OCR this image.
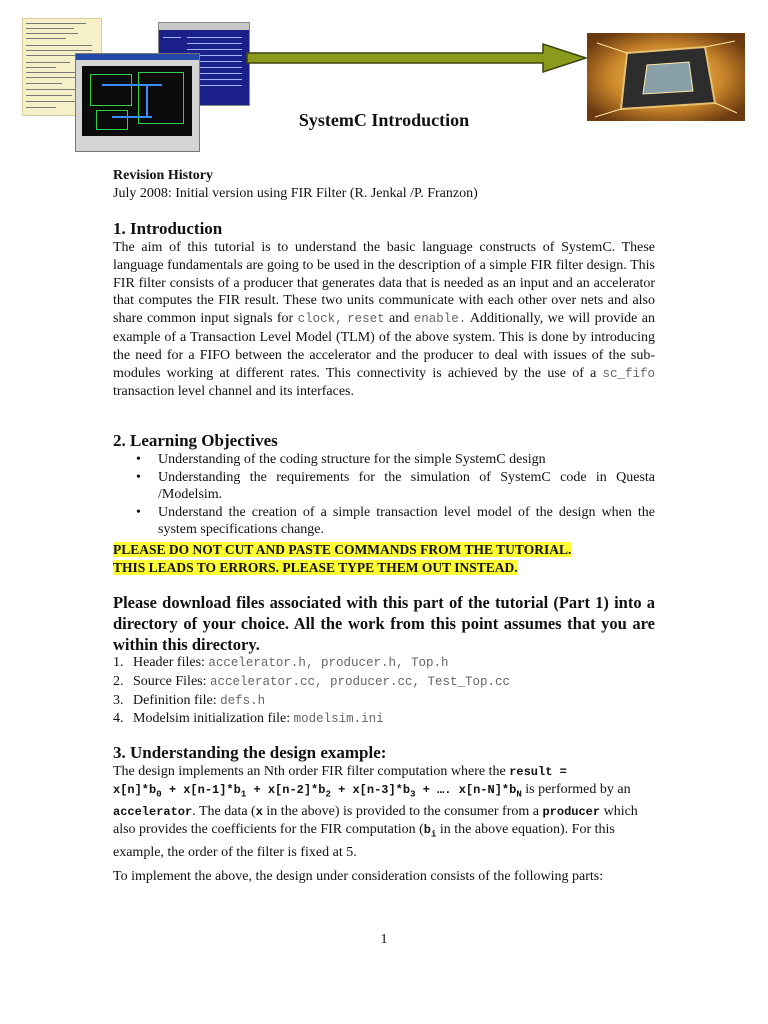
SystemC Introduction
Revision History
July 2008: Initial version using FIR Filter (R. Jenkal /P. Franzon)
1. Introduction

The aim of this tutorial is to understand the basic language constructs of SystemC. These language fundamentals are going to be used in the description of a simple FIR filter design. This FIR filter consists of a producer that generates data that is needed as an input and an accelerator that computes the FIR result. These two units communicate with each other over nets and also share common input signals for clock, reset and enable. Additionally, we will provide an example of a Transaction Level Model (TLM) of the above system. This is done by introducing the need for a FIFO between the accelerator and the producer to deal with issues of the sub-modules working at different rates. This connectivity is achieved by the use of a sc_fifo transaction level channel and its interfaces.

2. Learning Objectives
• Understanding of the coding structure for the simple SystemC design
• Understanding the requirements for the simulation of SystemC code in Questa /Modelsim.
• Understand the creation of a simple transaction level model of the design when the system specifications change.
PLEASE DO NOT CUT AND PASTE COMMANDS FROM THE TUTORIAL.
THIS LEADS TO ERRORS. PLEASE TYPE THEM OUT INSTEAD.
Please download files associated with this part of the tutorial (Part 1) into a directory of your choice. All the work from this point assumes that you are within this directory.
1. Header files: accelerator.h, producer.h, Top.h
2. Source Files: accelerator.cc, producer.cc, Test_Top.cc
3. Definition file: defs.h
4. Modelsim initialization file: modelsim.ini
3. Understanding the design example:

The design implements an Nth order FIR filter computation where the result =
$x[n]*b_0 + x[n-1]*b_1 + x[n-2]*b_2 + x[n-3]*b_3$ + …. $x[n-N]*b_N$ is performed by an accelerator. The data (x in the above) is provided to the consumer from a producer which also provides the coefficients for the FIR computation ($b_i$ in the above equation). For this example, the order of the filter is fixed at 5.

To implement the above, the design under consideration consists of the following parts:
1
